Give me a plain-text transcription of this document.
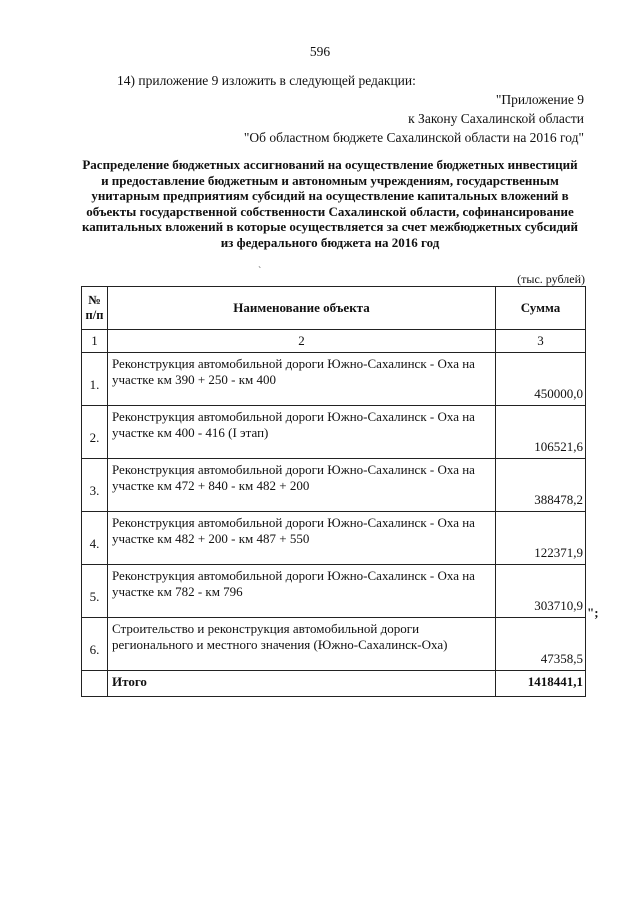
596
14) приложение 9 изложить в следующей редакции:
"Приложение 9
к Закону Сахалинской области
"Об областном бюджете Сахалинской области на 2016 год"
Распределение бюджетных ассигнований на осуществление бюджетных инвестиций
и предоставление бюджетным и автономным учреждениям, государственным
унитарным предприятиям субсидий на осуществление капитальных вложений в
объекты государственной собственности Сахалинской области, софинансирование
капитальных вложений в которые осуществляется за счет межбюджетных субсидий
из федерального бюджета на 2016 год
`
(тыс. рублей)
№
п/п	Наименование объекта	Сумма
1	2	3
1.	Реконструкция автомобильной дороги Южно-Сахалинск - Оха на
участке км 390 + 250 - км 400	450000,0
2.	Реконструкция автомобильной дороги Южно-Сахалинск - Оха на
участке км 400 - 416 (I этап)	106521,6
3.	Реконструкция автомобильной дороги Южно-Сахалинск - Оха на
участке км 472 + 840 - км 482 + 200	388478,2
4.	Реконструкция автомобильной дороги Южно-Сахалинск - Оха на
участке км 482 + 200 - км 487 + 550	122371,9
5.	Реконструкция автомобильной дороги Южно-Сахалинск - Оха на
участке км 782 - км 796	303710,9
6.	Строительство и реконструкция автомобильной дороги
регионального и местного значения (Южно-Сахалинск-Оха)	47358,5
	Итого	1418441,1
";
